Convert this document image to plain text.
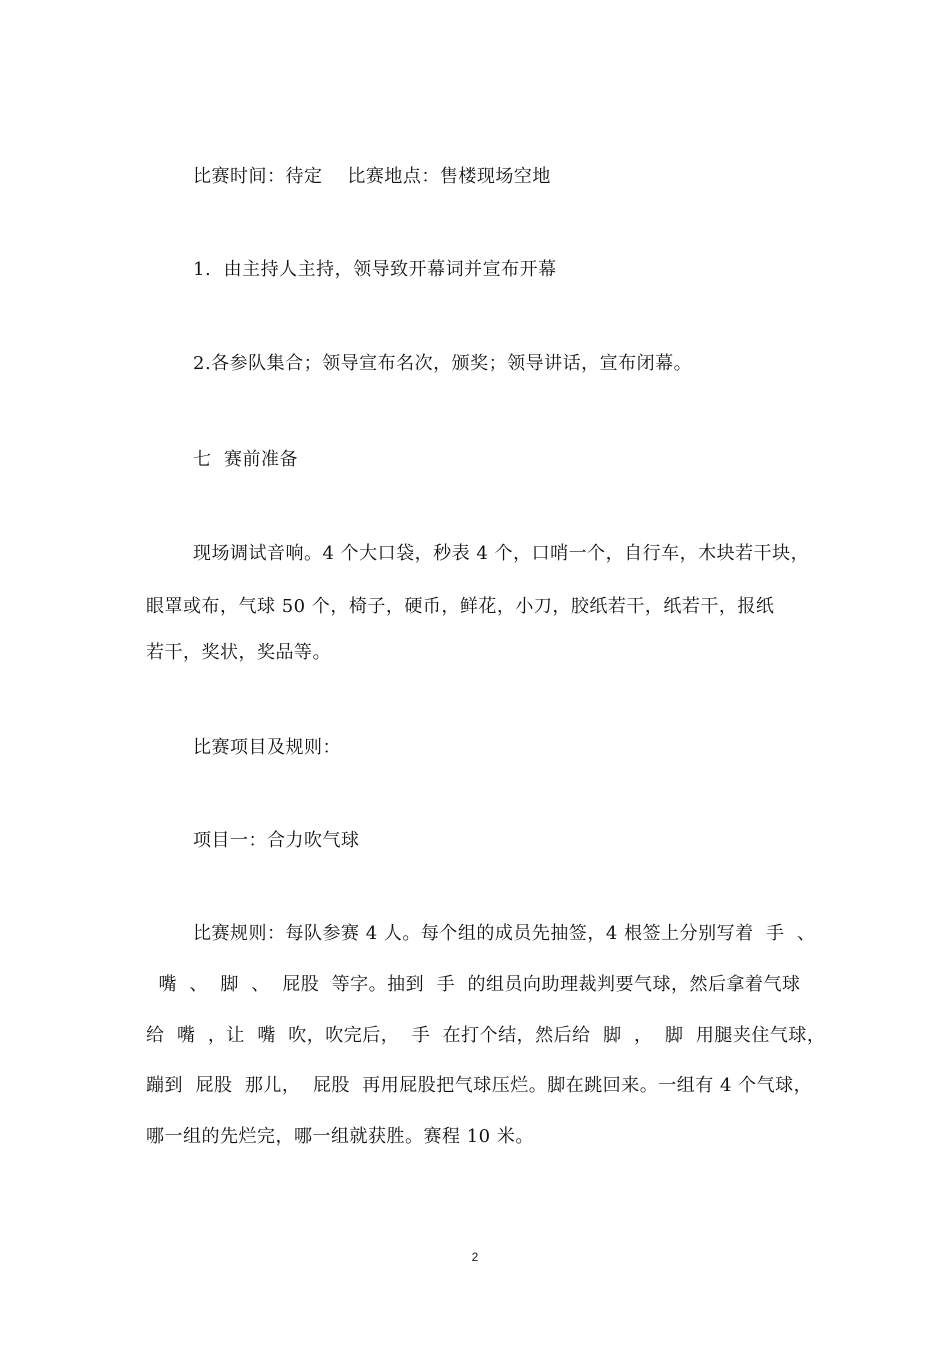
比赛时间：待定    比赛地点：售楼现场空地
1.  由主持人主持，领导致开幕词并宣布开幕
2.各参队集合；领导宣布名次，颁奖；领导讲话，宣布闭幕。
七  赛前准备
现场调试音响。4 个大口袋，秒表 4 个，口哨一个，自行车，木块若干块，
眼罩或布，气球 50 个，椅子，硬币，鲜花，小刀，胶纸若干，纸若干，报纸
若干，奖状，奖品等。
比赛项目及规则：
项目一：合力吹气球
比赛规则：每队参赛 4 人。每个组的成员先抽签，4 根签上分别写着  手  、
嘴  、  脚  、  屁股  等字。抽到  手  的组员向助理裁判要气球，然后拿着气球
给  嘴  ，让  嘴  吹，吹完后，  手  在打个结，然后给  脚  ，  脚  用腿夹住气球，
蹦到  屁股  那儿，  屁股  再用屁股把气球压烂。脚在跳回来。一组有 4 个气球，
哪一组的先烂完，哪一组就获胜。赛程 10 米。
2
